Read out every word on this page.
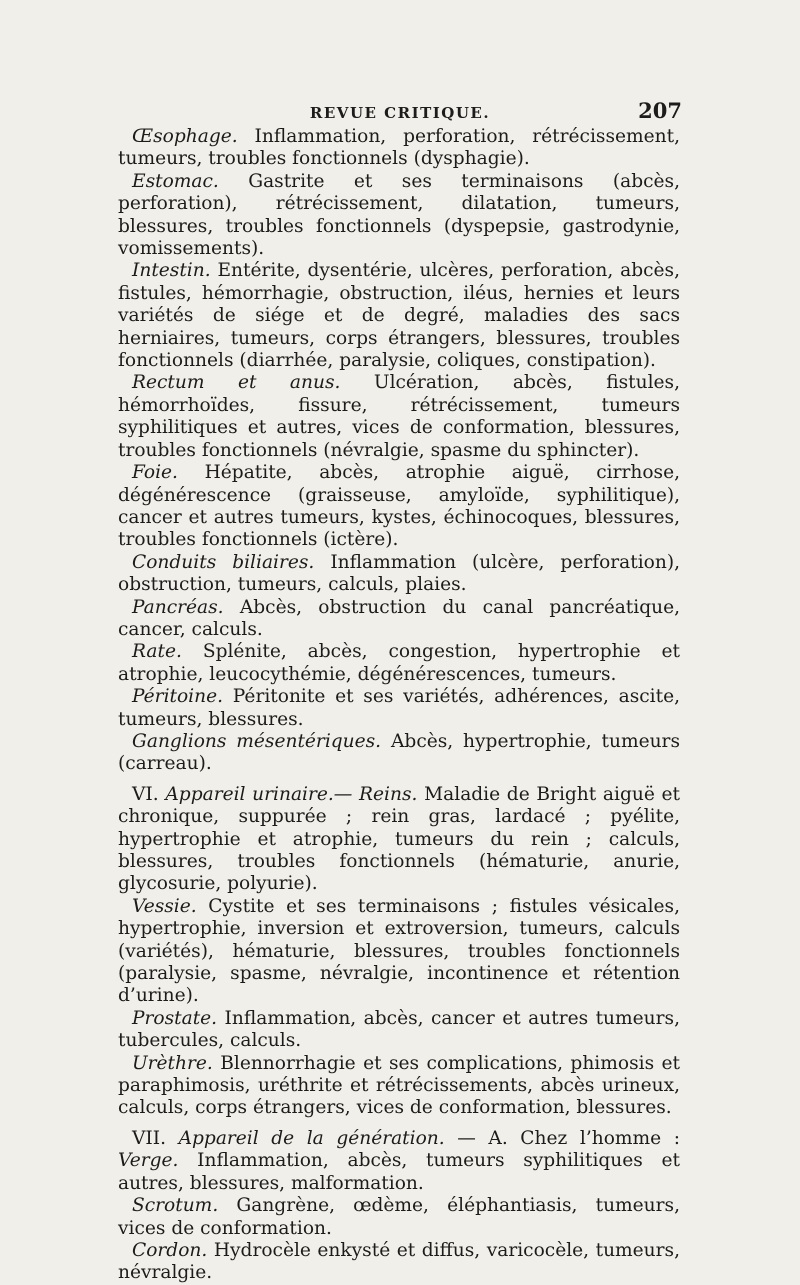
REVUE CRITIQUE.	207

Œsophage. Inflammation, perforation, rétrécissement, tumeurs, troubles fonctionnels (dysphagie).

Estomac. Gastrite et ses terminaisons (abcès, perforation), rétrécissement, dilatation, tumeurs, blessures, troubles fonctionnels (dyspepsie, gastrodynie, vomissements).

Intestin. Entérite, dysentérie, ulcères, perforation, abcès, fistules, hémorrhagie, obstruction, iléus, hernies et leurs variétés de siége et de degré, maladies des sacs herniaires, tumeurs, corps étrangers, blessures, troubles fonctionnels (diarrhée, paralysie, coliques, constipation).

Rectum et anus. Ulcération, abcès, fistules, hémorrhoïdes, fissure, rétrécissement, tumeurs syphilitiques et autres, vices de conformation, blessures, troubles fonctionnels (névralgie, spasme du sphincter).

Foie. Hépatite, abcès, atrophie aiguë, cirrhose, dégénérescence (graisseuse, amyloïde, syphilitique), cancer et autres tumeurs, kystes, échinocoques, blessures, troubles fonctionnels (ictère).

Conduits biliaires. Inflammation (ulcère, perforation), obstruction, tumeurs, calculs, plaies.

Pancréas. Abcès, obstruction du canal pancréatique, cancer, calculs.

Rate. Splénite, abcès, congestion, hypertrophie et atrophie, leucocythémie, dégénérescences, tumeurs.

Péritoine. Péritonite et ses variétés, adhérences, ascite, tumeurs, blessures.

Ganglions mésentériques. Abcès, hypertrophie, tumeurs (carreau).

VI. Appareil urinaire.— Reins. Maladie de Bright aiguë et chronique, suppurée ; rein gras, lardacé ; pyélite, hypertrophie et atrophie, tumeurs du rein ; calculs, blessures, troubles fonctionnels (hématurie, anurie, glycosurie, polyurie).

Vessie. Cystite et ses terminaisons ; fistules vésicales, hypertrophie, inversion et extroversion, tumeurs, calculs (variétés), hématurie, blessures, troubles fonctionnels (paralysie, spasme, névralgie, incontinence et rétention d’urine).

Prostate. Inflammation, abcès, cancer et autres tumeurs, tubercules, calculs.

Urèthre. Blennorrhagie et ses complications, phimosis et paraphimosis, uréthrite et rétrécissements, abcès urineux, calculs, corps étrangers, vices de conformation, blessures.

VII. Appareil de la génération. — A. Chez l’homme : Verge. Inflammation, abcès, tumeurs syphilitiques et autres, blessures, malformation.

Scrotum. Gangrène, œdème, éléphantiasis, tumeurs, vices de conformation.

Cordon. Hydrocèle enkysté et diffus, varicocèle, tumeurs, névralgie.
